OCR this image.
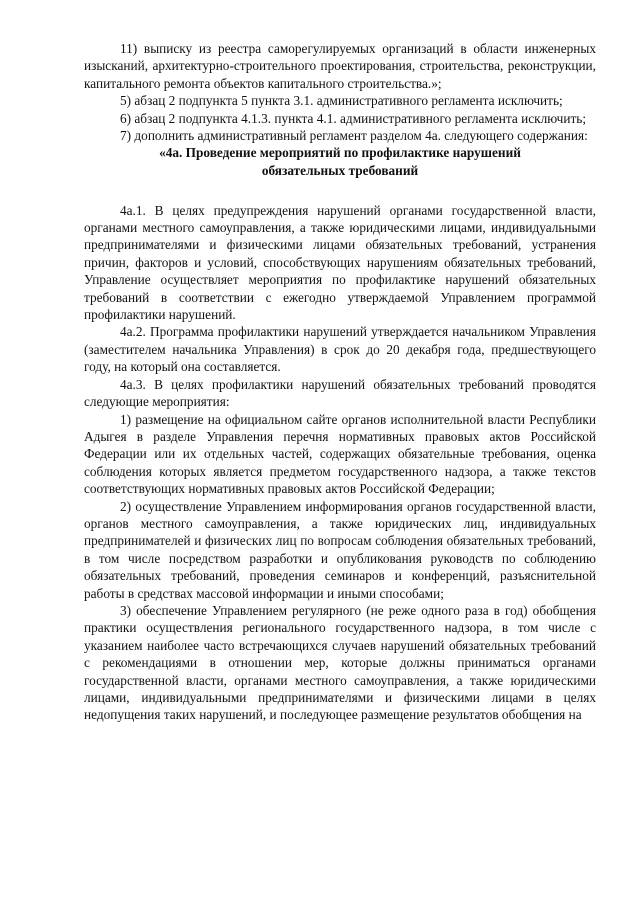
11) выписку из реестра саморегулируемых организаций в области инженерных изысканий, архитектурно-строительного проектирования, строительства, реконструкции, капитального ремонта объектов капитального строительства.»;

5) абзац 2 подпункта 5 пункта 3.1. административного регламента исключить;

6) абзац 2 подпункта 4.1.3. пункта 4.1. административного регламента исключить;

7) дополнить административный регламент разделом 4а. следующего содержания:

«4а. Проведение мероприятий по профилактике нарушений обязательных требований

4а.1. В целях предупреждения нарушений органами государственной власти, органами местного самоуправления, а также юридическими лицами, индивидуальными предпринимателями и физическими лицами обязательных требований, устранения причин, факторов и условий, способствующих нарушениям обязательных требований, Управление осуществляет мероприятия по профилактике нарушений обязательных требований в соответствии с ежегодно утверждаемой Управлением программой профилактики нарушений.

4а.2. Программа профилактики нарушений утверждается начальником Управления (заместителем начальника Управления) в срок до 20 декабря года, предшествующего году, на который она составляется.

4а.3. В целях профилактики нарушений обязательных требований проводятся следующие мероприятия:

1) размещение на официальном сайте органов исполнительной власти Республики Адыгея в разделе Управления перечня нормативных правовых актов Российской Федерации или их отдельных частей, содержащих обязательные требования, оценка соблюдения которых является предметом государственного надзора, а также текстов соответствующих нормативных правовых актов Российской Федерации;

2) осуществление Управлением информирования органов государственной власти, органов местного самоуправления, а также юридических лиц, индивидуальных предпринимателей и физических лиц по вопросам соблюдения обязательных требований, в том числе посредством разработки и опубликования руководств по соблюдению обязательных требований, проведения семинаров и конференций, разъяснительной работы в средствах массовой информации и иными способами;

3) обеспечение Управлением регулярного (не реже одного раза в год) обобщения практики осуществления регионального государственного надзора, в том числе с указанием наиболее часто встречающихся случаев нарушений обязательных требований с рекомендациями в отношении мер, которые должны приниматься органами государственной власти, органами местного самоуправления, а также юридическими лицами, индивидуальными предпринимателями и физическими лицами в целях недопущения таких нарушений, и последующее размещение результатов обобщения на
